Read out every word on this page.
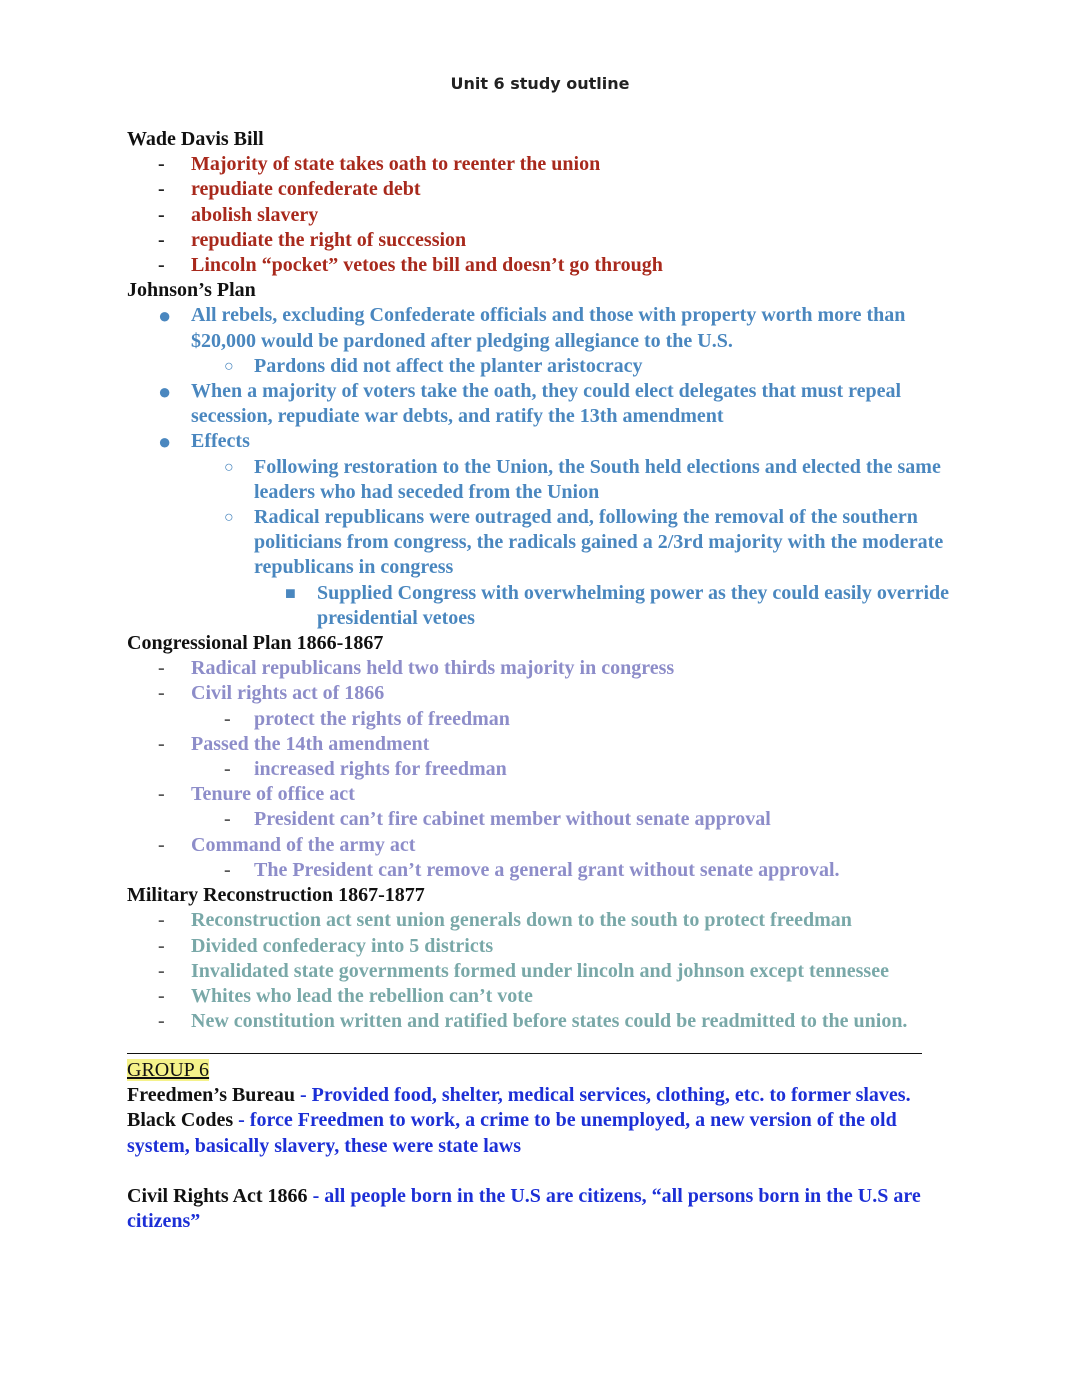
Unit 6 study outline
Wade Davis Bill
- Majority of state takes oath to reenter the union
- repudiate confederate debt
- abolish slavery
- repudiate the right of succession
- Lincoln “pocket” vetoes the bill and doesn’t go through
Johnson’s Plan
● All rebels, excluding Confederate officials and those with property worth more than $20,000 would be pardoned after pledging allegiance to the U.S.
○ Pardons did not affect the planter aristocracy
● When a majority of voters take the oath, they could elect delegates that must repeal secession, repudiate war debts, and ratify the 13th amendment
● Effects
○ Following restoration to the Union, the South held elections and elected the same leaders who had seceded from the Union
○ Radical republicans were outraged and, following the removal of the southern politicians from congress, the radicals gained a 2/3rd majority with the moderate republicans in congress
■ Supplied Congress with overwhelming power as they could easily override presidential vetoes
Congressional Plan 1866-1867
- Radical republicans held two thirds majority in congress
- Civil rights act of 1866
- protect the rights of freedman
- Passed the 14th amendment
- increased rights for freedman
- Tenure of office act
- President can’t fire cabinet member without senate approval
- Command of the army act
- The President can’t remove a general grant without senate approval.
Military Reconstruction 1867-1877
- Reconstruction act sent union generals down to the south to protect freedman
- Divided confederacy into 5 districts
- Invalidated state governments formed under lincoln and johnson except tennessee
- Whites who lead the rebellion can’t vote
- New constitution written and ratified before states could be readmitted to the union.
GROUP 6
Freedmen’s Bureau - Provided food, shelter, medical services, clothing, etc. to former slaves.
Black Codes - force Freedmen to work, a crime to be unemployed, a new version of the old system, basically slavery, these were state laws
Civil Rights Act 1866 - all people born in the U.S are citizens, “all persons born in the U.S are citizens”
